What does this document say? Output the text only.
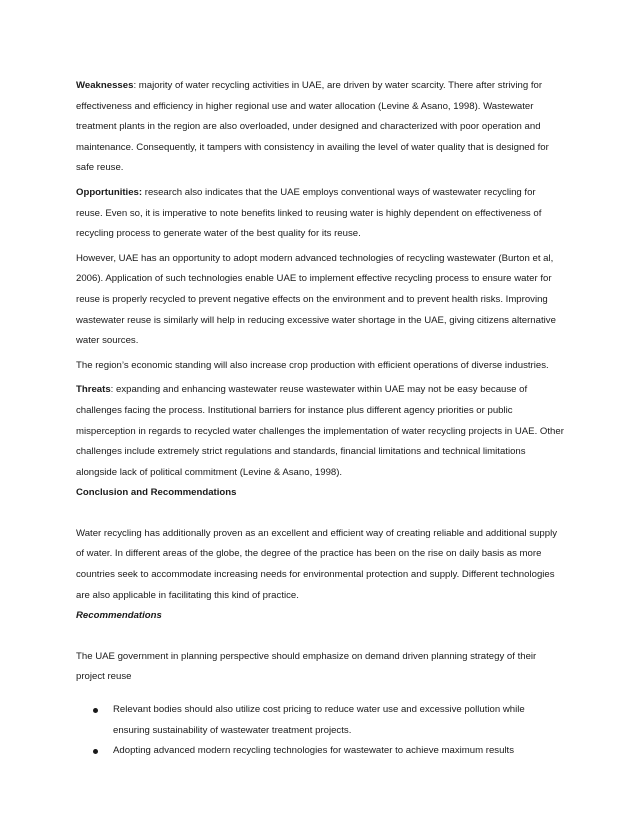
Weaknesses: majority of water recycling activities in UAE, are driven by water scarcity. There after striving for effectiveness and efficiency in higher regional use and water allocation (Levine & Asano, 1998). Wastewater treatment plants in the region are also overloaded, under designed and characterized with poor operation and maintenance. Consequently, it tampers with consistency in availing the level of water quality that is designed for safe reuse.

Opportunities: research also indicates that the UAE employs conventional ways of wastewater recycling for reuse. Even so, it is imperative to note benefits linked to reusing water is highly dependent on effectiveness of recycling process to generate water of the best quality for its reuse.

However, UAE has an opportunity to adopt modern advanced technologies of recycling wastewater (Burton et al, 2006). Application of such technologies enable UAE to implement effective recycling process to ensure water for reuse is properly recycled to prevent negative effects on the environment and to prevent health risks. Improving wastewater reuse is similarly will help in reducing excessive water shortage in the UAE, giving citizens alternative water sources.

The region’s economic standing will also increase crop production with efficient operations of diverse industries.

Threats: expanding and enhancing wastewater reuse wastewater within UAE may not be easy because of challenges facing the process. Institutional barriers for instance plus different agency priorities or public misperception in regards to recycled water challenges the implementation of water recycling projects in UAE. Other challenges include extremely strict regulations and standards, financial limitations and technical limitations alongside lack of political commitment (Levine & Asano, 1998).

Conclusion and Recommendations

Water recycling has additionally proven as an excellent and efficient way of creating reliable and additional supply of water. In different areas of the globe, the degree of the practice has been on the rise on daily basis as more countries seek to accommodate increasing needs for environmental protection and supply. Different technologies are also applicable in facilitating this kind of practice.

Recommendations

The UAE government in planning perspective should emphasize on demand driven planning strategy of their project reuse

Relevant bodies should also utilize cost pricing to reduce water use and excessive pollution while ensuring sustainability of wastewater treatment projects.
Adopting advanced modern recycling technologies for wastewater to achieve maximum results
